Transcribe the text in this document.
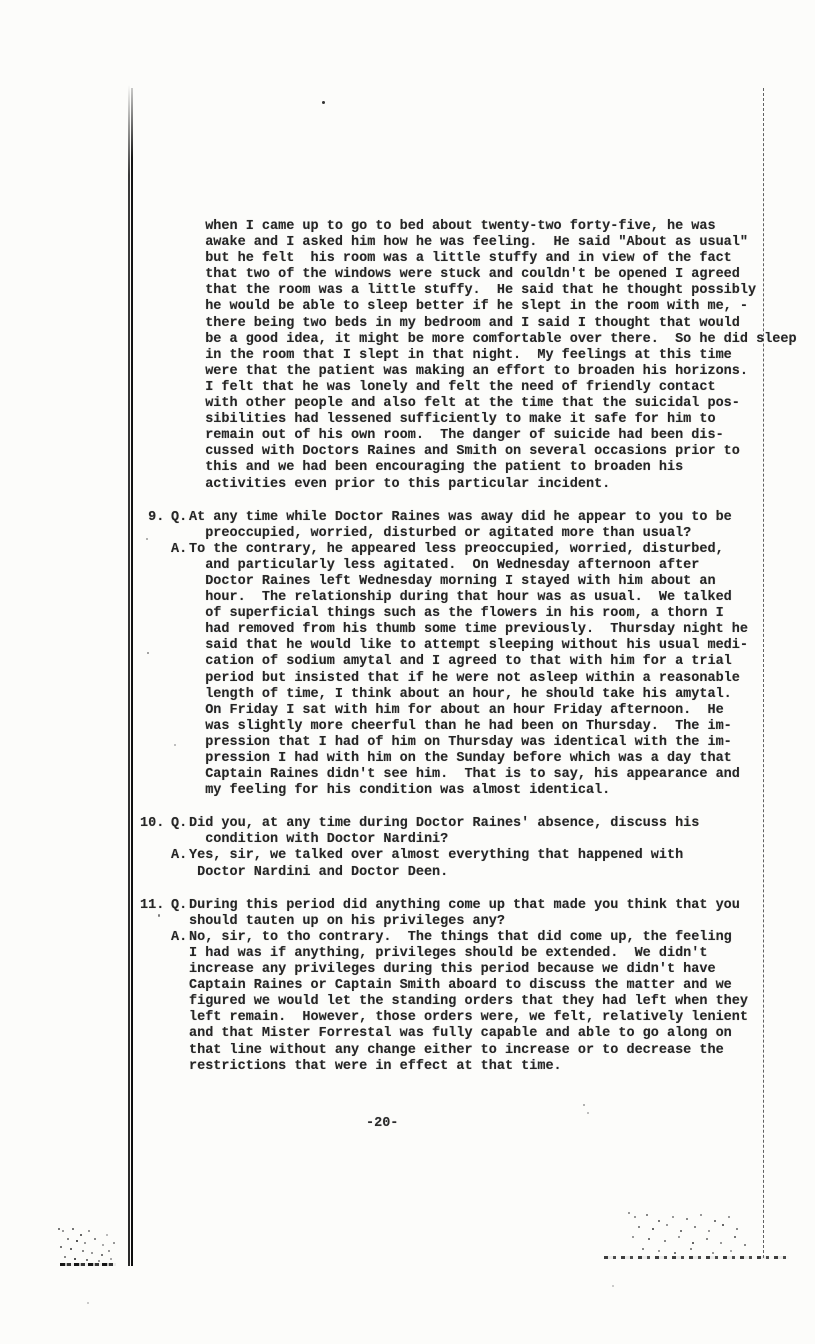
when I came up to go to bed about twenty-two forty-five, he was
awake and I asked him how he was feeling.  He said "About as usual"
but he felt  his room was a little stuffy and in view of the fact
that two of the windows were stuck and couldn't be opened I agreed
that the room was a little stuffy.  He said that he thought possibly
he would be able to sleep better if he slept in the room with me, -
there being two beds in my bedroom and I said I thought that would
be a good idea, it might be more comfortable over there.  So he did sleep
in the room that I slept in that night.  My feelings at this time
were that the patient was making an effort to broaden his horizons.
I felt that he was lonely and felt the need of friendly contact
with other people and also felt at the time that the suicidal pos-
sibilities had lessened sufficiently to make it safe for him to
remain out of his own room.  The danger of suicide had been dis-
cussed with Doctors Raines and Smith on several occasions prior to
this and we had been encouraging the patient to broaden his
activities even prior to this particular incident.
9. Q. At any time while Doctor Raines was away did he appear to you to be
preoccupied, worried, disturbed or agitated more than usual?
A. To the contrary, he appeared less preoccupied, worried, disturbed,
and particularly less agitated.  On Wednesday afternoon after
Doctor Raines left Wednesday morning I stayed with him about an
hour.  The relationship during that hour was as usual.  We talked
of superficial things such as the flowers in his room, a thorn I
had removed from his thumb some time previously.  Thursday night he
said that he would like to attempt sleeping without his usual medi-
cation of sodium amytal and I agreed to that with him for a trial
period but insisted that if he were not asleep within a reasonable
length of time, I think about an hour, he should take his amytal.
On Friday I sat with him for about an hour Friday afternoon.  He
was slightly more cheerful than he had been on Thursday.  The im-
pression that I had of him on Thursday was identical with the im-
pression I had with him on the Sunday before which was a day that
Captain Raines didn't see him.  That is to say, his appearance and
my feeling for his condition was almost identical.
10. Q. Did you, at any time during Doctor Raines' absence, discuss his
condition with Doctor Nardini?
A. Yes, sir, we talked over almost everything that happened with
Doctor Nardini and Doctor Deen.
11. Q. During this period did anything come up that made you think that you
should tauten up on his privileges any?
A. No, sir, to tho contrary.  The things that did come up, the feeling
I had was if anything, privileges should be extended.  We didn't
increase any privileges during this period because we didn't have
Captain Raines or Captain Smith aboard to discuss the matter and we
figured we would let the standing orders that they had left when they
left remain.  However, those orders were, we felt, relatively lenient
and that Mister Forrestal was fully capable and able to go along on
that line without any change either to increase or to decrease the
restrictions that were in effect at that time.
-20-
